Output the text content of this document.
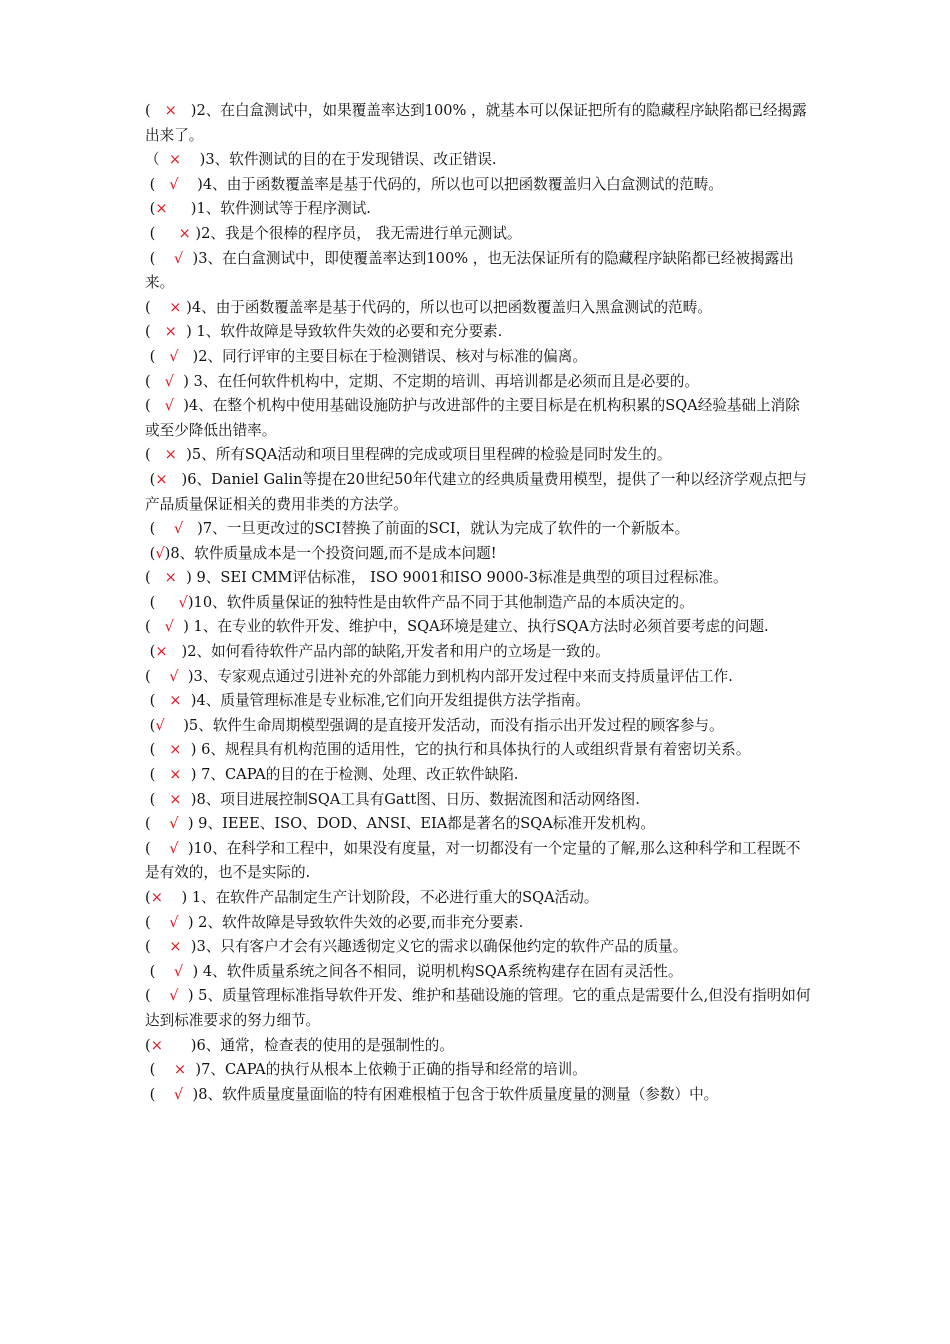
(   ×   )2、在白盒测试中，如果覆盖率达到100% ，就基本可以保证把所有的隐藏程序缺陷都已经揭露出来了。

（  ×    )3、软件测试的目的在于发现错误、改正错误.

(   √    )4、由于函数覆盖率是基于代码的，所以也可以把函数覆盖归入白盒测试的范畴。

(×     )1、软件测试等于程序测试.

(     × )2、我是个很棒的程序员， 我无需进行单元测试。

(    √  )3、在白盒测试中，即使覆盖率达到100% ，也无法保证所有的隐藏程序缺陷都已经被揭露出来。

(    × )4、由于函数覆盖率是基于代码的，所以也可以把函数覆盖归入黑盒测试的范畴。

(   ×  ) 1、软件故障是导致软件失效的必要和充分要素.

(   √   )2、同行评审的主要目标在于检测错误、核对与标准的偏离。

(   √  ) 3、在任何软件机构中，定期、不定期的培训、再培训都是必须而且是必要的。

(   √  )4、在整个机构中使用基础设施防护与改进部件的主要目标是在机构积累的SQA经验基础上消除或至少降低出错率。

(   ×  )5、所有SQA活动和项目里程碑的完成或项目里程碑的检验是同时发生的。

(×   )6、Daniel Galin等提在20世纪50年代建立的经典质量费用模型，提供了一种以经济学观点把与产品质量保证相关的费用非类的方法学。

(    √   )7、一旦更改过的SCI替换了前面的SCI，就认为完成了软件的一个新版本。

(√)8、软件质量成本是一个投资问题,而不是成本问题!

(   ×  ) 9、SEI CMM评估标准， ISO 9001和ISO 9000-3标准是典型的项目过程标准。

(     √)10、软件质量保证的独特性是由软件产品不同于其他制造产品的本质决定的。

(   √  ) 1、在专业的软件开发、维护中，SQA环境是建立、执行SQA方法时必须首要考虑的问题.

(×   )2、如何看待软件产品内部的缺陷,开发者和用户的立场是一致的。

(    √  )3、专家观点通过引进补充的外部能力到机构内部开发过程中来而支持质量评估工作.

(   ×  )4、质量管理标准是专业标准,它们向开发组提供方法学指南。

(√    )5、软件生命周期模型强调的是直接开发活动，而没有指示出开发过程的顾客参与。

(   ×  ) 6、规程具有机构范围的适用性，它的执行和具体执行的人或组织背景有着密切关系。

(   ×  ) 7、CAPA的目的在于检测、处理、改正软件缺陷.

(   ×  )8、项目进展控制SQA工具有Gatt图、日历、数据流图和活动网络图.

(    √  ) 9、IEEE、ISO、DOD、ANSI、EIA都是著名的SQA标准开发机构。

(    √  )10、在科学和工程中，如果没有度量，对一切都没有一个定量的了解,那么这种科学和工程既不是有效的，也不是实际的.

(×    ) 1、在软件产品制定生产计划阶段，不必进行重大的SQA活动。

(    √  ) 2、软件故障是导致软件失效的必要,而非充分要素.

(    ×  )3、只有客户才会有兴趣透彻定义它的需求以确保他约定的软件产品的质量。

(    √  ) 4、软件质量系统之间各不相同，说明机构SQA系统构建存在固有灵活性。

(    √  ) 5、质量管理标准指导软件开发、维护和基础设施的管理。它的重点是需要什么,但没有指明如何达到标准要求的努力细节。

(×      )6、通常，检查表的使用的是强制性的。

(    ×  )7、CAPA的执行从根本上依赖于正确的指导和经常的培训。

(    √  )8、软件质量度量面临的特有困难根植于包含于软件质量度量的测量（参数）中。
